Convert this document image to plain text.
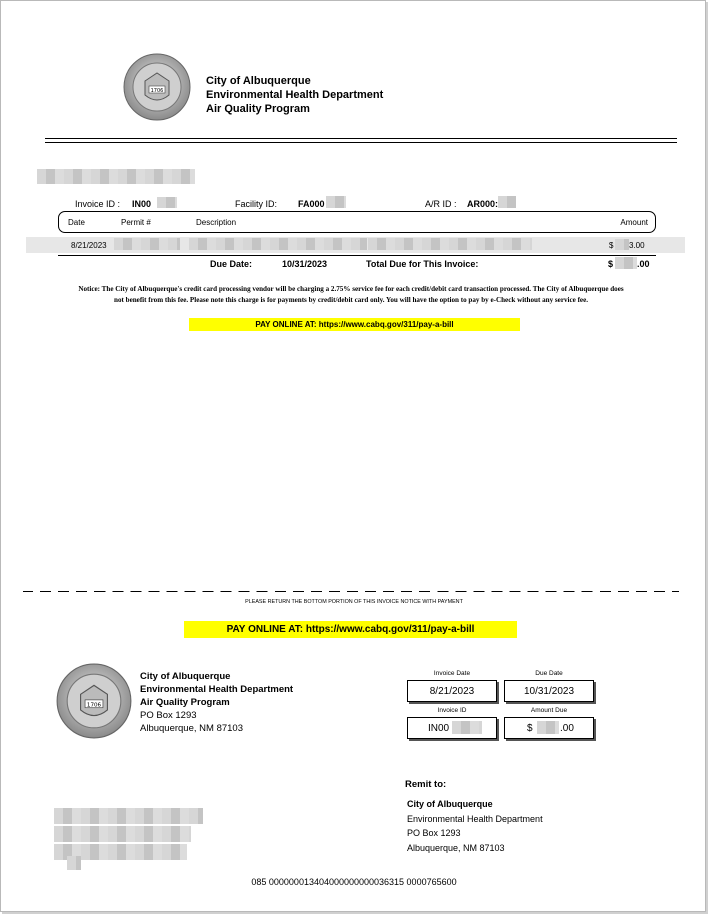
1706
City of Albuquerque
Environmental Health Department
Air Quality Program
Invoice ID : IN00	Facility ID: FA000	A/R ID : AR000:
Date	Permit #	Description	Amount
8/21/2023	$ 3.00
Due Date:	10/31/2023	Total Due for This Invoice:	$	.00
Notice: The City of Albuquerque's credit card processing vendor will be charging a 2.75% service fee for each credit/debit card transaction processed. The City of Albuquerque does not benefit from this fee. Please note this charge is for payments by credit/debit card only. You will have the option to pay by e-Check without any service fee.
PAY ONLINE AT: https://www.cabq.gov/311/pay-a-bill
PLEASE RETURN THE BOTTOM PORTION OF THIS INVOICE NOTICE WITH PAYMENT
PAY ONLINE AT: https://www.cabq.gov/311/pay-a-bill
1706
City of Albuquerque
Environmental Health Department
Air Quality Program
PO Box 1293
Albuquerque, NM 87103
Invoice Date
8/21/2023
Due Date
10/31/2023
Invoice ID
IN00
Amount Due
$	.00
Remit to:
City of Albuquerque
Environmental Health Department
PO Box 1293
Albuquerque, NM 87103
085 000000013404000000000036315 0000765600
